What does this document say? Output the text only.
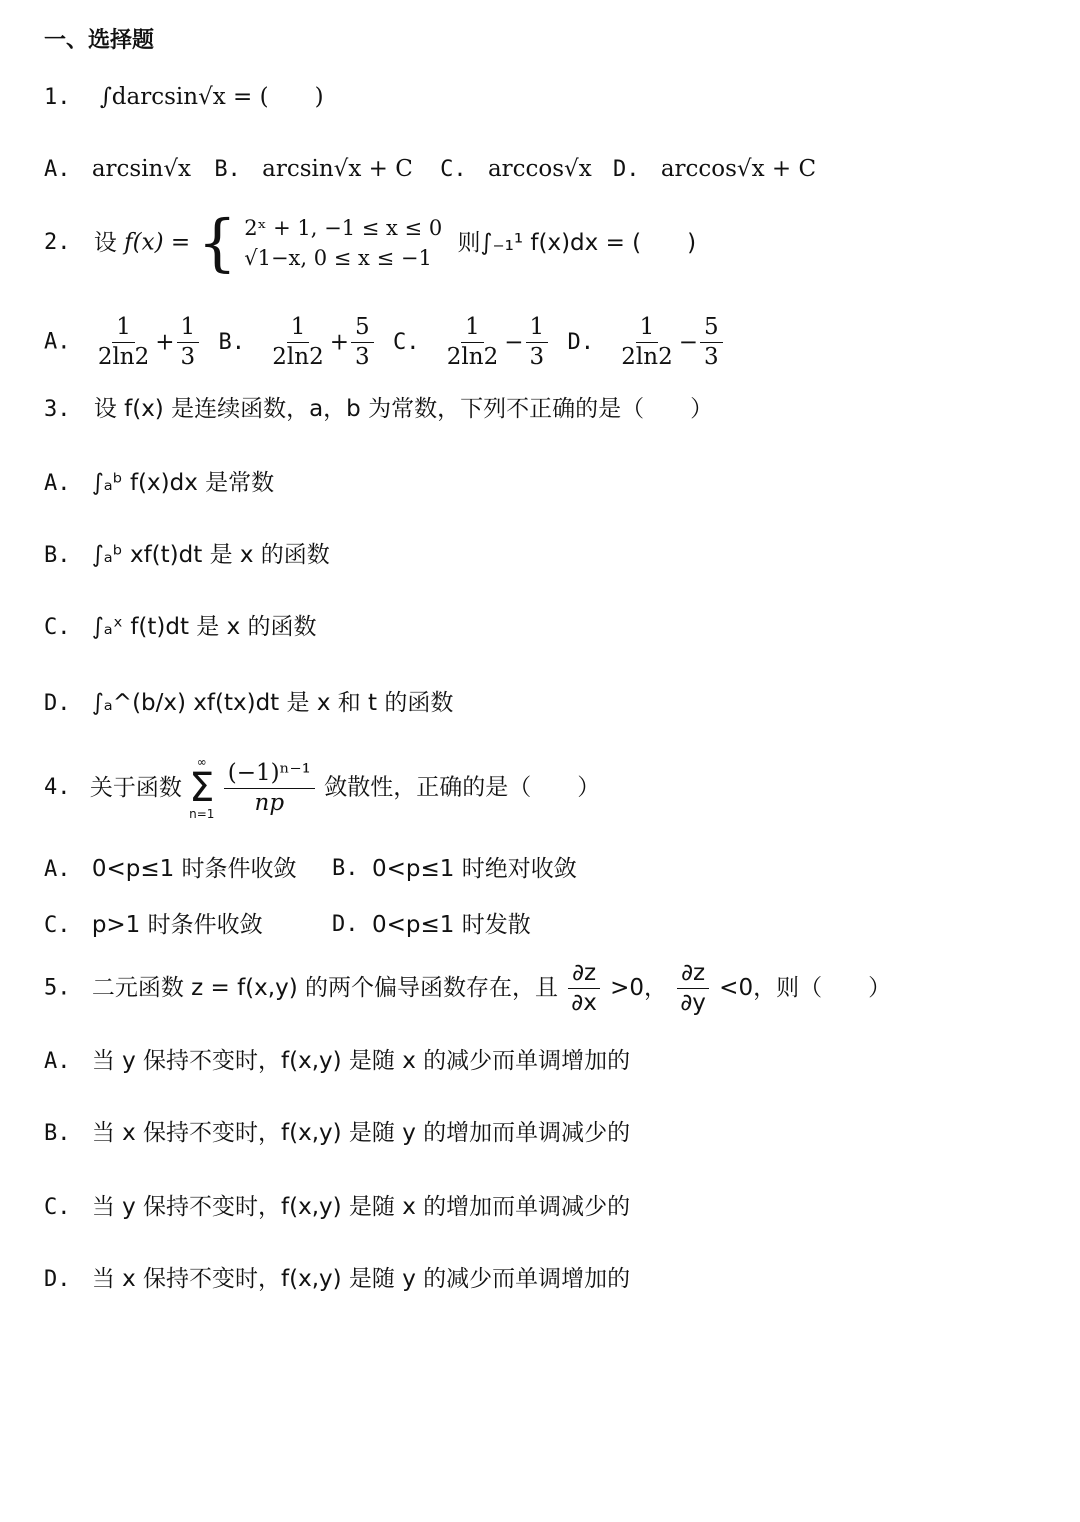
一、选择题
1. ∫darcsin√x = (　　)
A. arcsin√x B. arcsin√x + C C. arccos√x D. arccos√x + C
2. 设 f(x) = { 2ˣ + 1, −1 ≤ x ≤ 0
√1−x, 0 ≤ x ≤ −1
则∫₋₁¹ f(x)dx = (　　)
A. $\frac{1}{2\ln 2} + \frac{1}{3} B$. $\frac{1}{2\ln 2} + \frac{5}{3} C$. $\frac{1}{2\ln 2} - \frac{1}{3} D$. $\frac{1}{2\ln 2} - \frac{5}{3}$
3. 设 f(x) 是连续函数，a，b 为常数，下列不正确的是（　　）
A. ∫ₐᵇ f(x)dx 是常数
B. ∫ₐᵇ xf(t)dt 是 x 的函数
C. ∫ₐˣ f(t)dt 是 x 的函数
D. ∫ₐ^(b/x) xf(tx)dt 是 x 和 t 的函数
4. 关于函数
∞
Σ
n=1
$\frac{\text{(−1)ⁿ⁻¹}}{np}$ 敛散性，正确的是（　　）
A. 0<p≤1 时条件收敛 B. 0<p≤1 时绝对收敛
C. p>1 时条件收敛	D. 0<p≤1 时发散
5. 二元函数 z = f(x,y) 的两个偏导函数存在，且 $\frac{\partial z}{\partial x} >0$， $\frac{\partial z}{\partial y} <0$，则（　　）
A. 当 y 保持不变时，f(x,y) 是随 x 的减少而单调增加的
B. 当 x 保持不变时，f(x,y) 是随 y 的增加而单调减少的
C. 当 y 保持不变时，f(x,y) 是随 x 的增加而单调减少的
D. 当 x 保持不变时，f(x,y) 是随 y 的减少而单调增加的
